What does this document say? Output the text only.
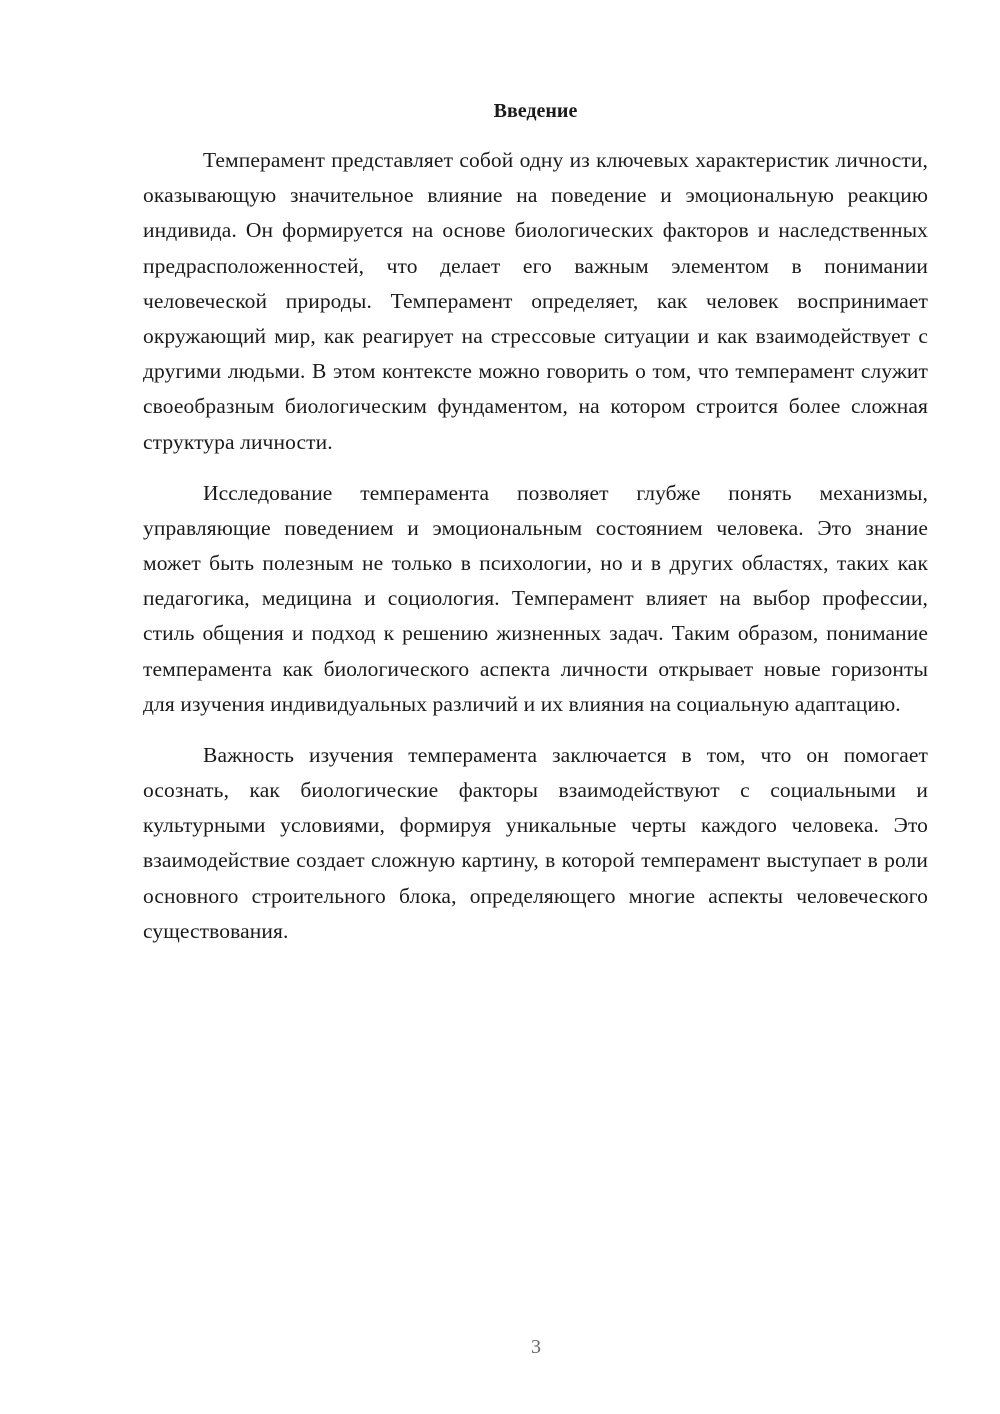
Введение

Темперамент представляет собой одну из ключевых характеристик личности, оказывающую значительное влияние на поведение и эмоциональную реакцию индивида. Он формируется на основе биологических факторов и наследственных предрасположенностей, что делает его важным элементом в понимании человеческой природы. Темперамент определяет, как человек воспринимает окружающий мир, как реагирует на стрессовые ситуации и как взаимодействует с другими людьми. В этом контексте можно говорить о том, что темперамент служит своеобразным биологическим фундаментом, на котором строится более сложная структура личности.

Исследование темперамента позволяет глубже понять механизмы, управляющие поведением и эмоциональным состоянием человека. Это знание может быть полезным не только в психологии, но и в других областях, таких как педагогика, медицина и социология. Темперамент влияет на выбор профессии, стиль общения и подход к решению жизненных задач. Таким образом, понимание темперамента как биологического аспекта личности открывает новые горизонты для изучения индивидуальных различий и их влияния на социальную адаптацию.

Важность изучения темперамента заключается в том, что он помогает осознать, как биологические факторы взаимодействуют с социальными и культурными условиями, формируя уникальные черты каждого человека. Это взаимодействие создает сложную картину, в которой темперамент выступает в роли основного строительного блока, определяющего многие аспекты человеческого существования.

3
